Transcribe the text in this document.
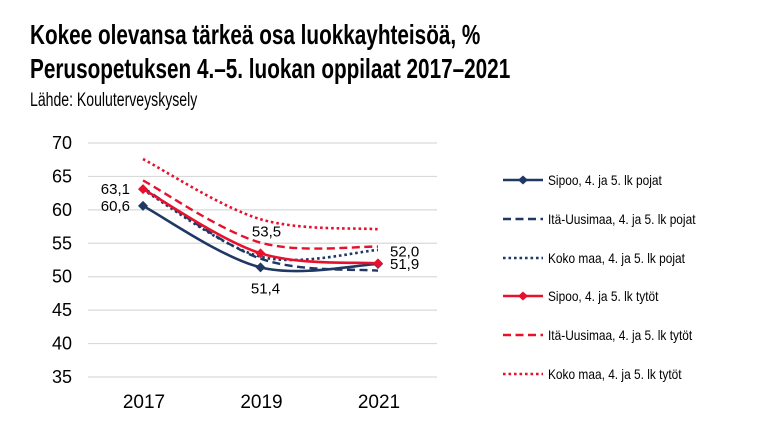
Kokee olevansa tärkeä osa luokkayhteisöä, %
Perusopetuksen 4.–5. luokan oppilaat 2017–2021
Lähde: Kouluterveyskysely
70
65
60
55
50
45
40
35
2017	2019	2021
63,1
60,6
53,5
51,4
52,0
51,9
Sipoo, 4. ja 5. lk pojat
Itä-Uusimaa, 4. ja 5. lk pojat
Koko maa, 4. ja 5. lk pojat
Sipoo, 4. ja 5. lk tytöt
Itä-Uusimaa, 4. ja 5. lk tytöt
Koko maa, 4. ja 5. lk tytöt
